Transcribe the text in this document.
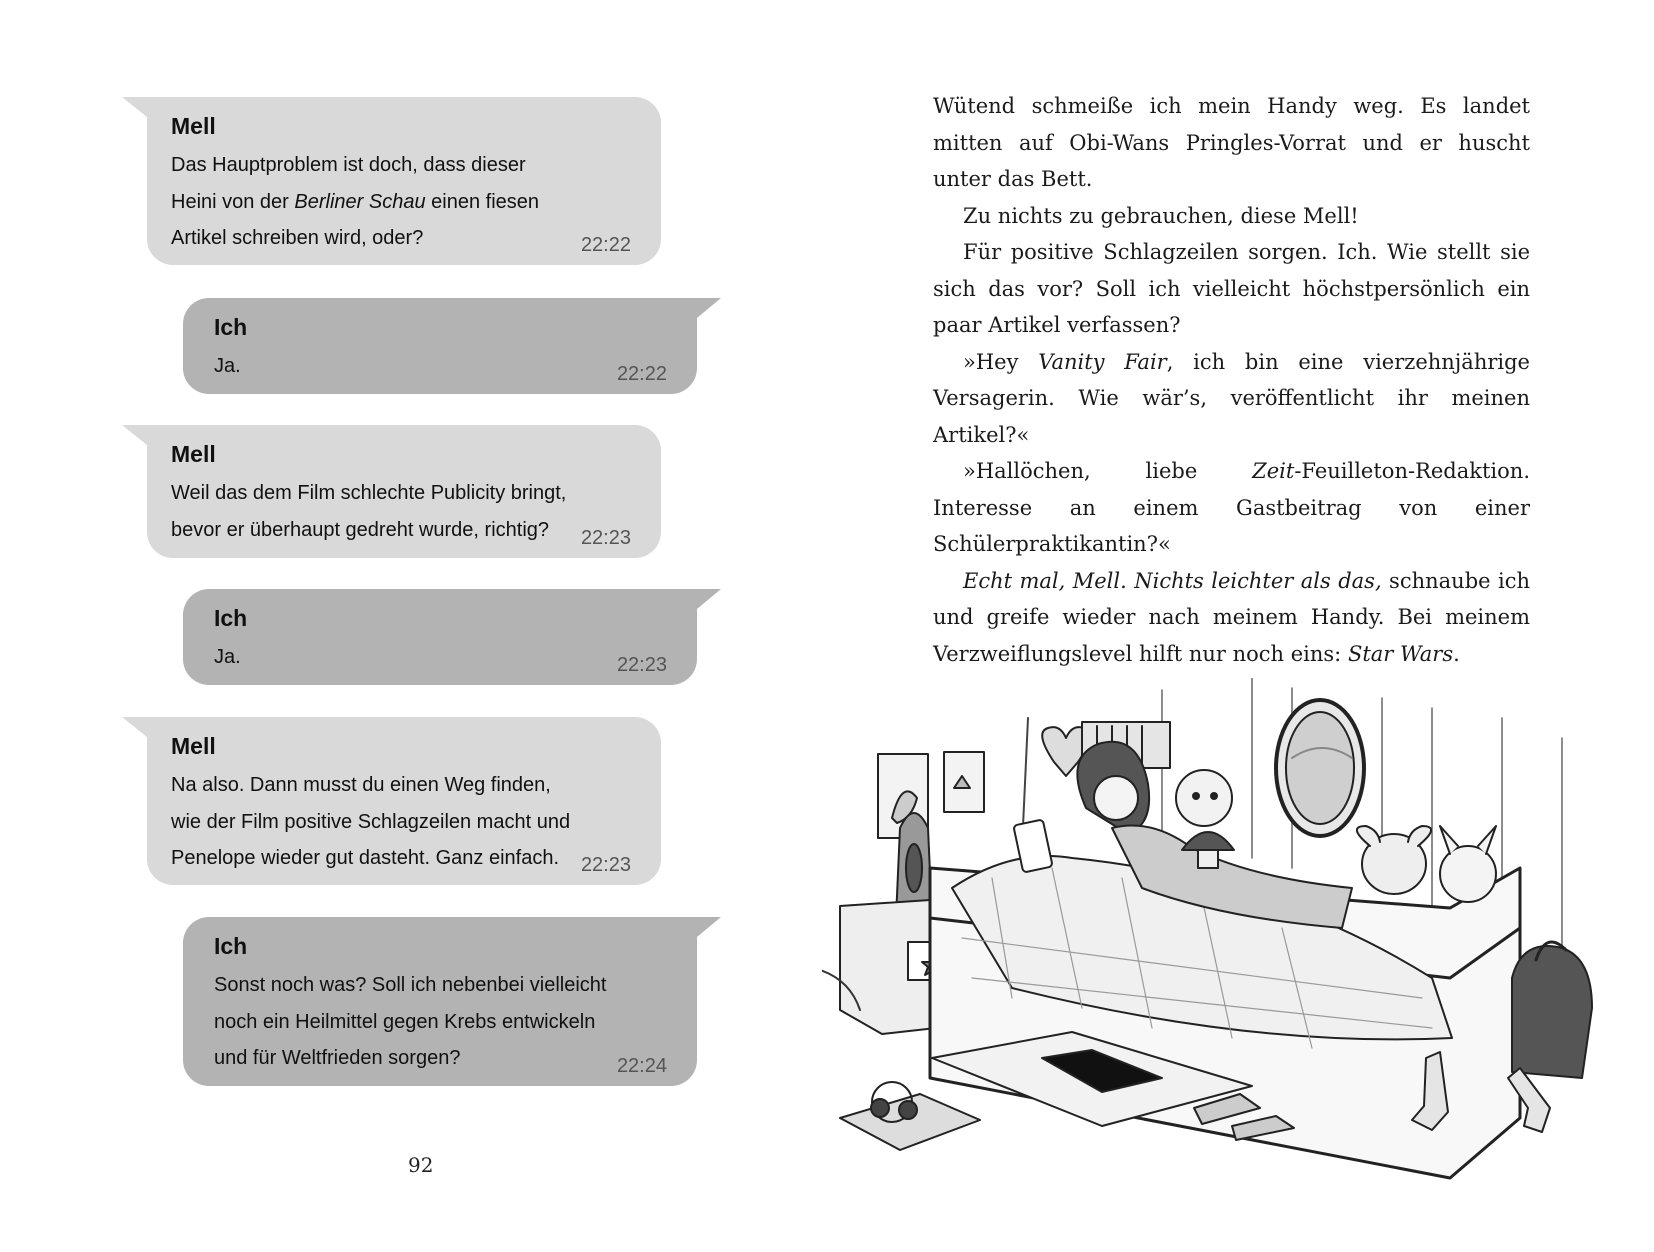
Mell
Das Hauptproblem ist doch, dass dieser Heini von der Berliner Schau einen fiesen Artikel schreiben wird, oder?	22:22
Ich
Ja.	22:22
Mell
Weil das dem Film schlechte Publicity bringt, bevor er überhaupt gedreht wurde, richtig?	22:23
Ich
Ja.	22:23
Mell
Na also. Dann musst du einen Weg finden, wie der Film positive Schlagzeilen macht und Penelope wieder gut dasteht. Ganz einfach.	22:23
Ich
Sonst noch was? Soll ich nebenbei vielleicht noch ein Heilmittel gegen Krebs entwickeln und für Weltfrieden sorgen?	22:24
92

Wütend schmeiße ich mein Handy weg. Es landet mitten auf Obi-Wans Pringles-Vorrat und er huscht unter das Bett.

Zu nichts zu gebrauchen, diese Mell!

Für positive Schlagzeilen sorgen. Ich. Wie stellt sie sich das vor? Soll ich vielleicht höchstpersönlich ein paar Artikel verfassen?

»Hey Vanity Fair, ich bin eine vierzehnjährige Versagerin. Wie wär’s, veröffentlicht ihr meinen Artikel?«

»Hallöchen, liebe Zeit-Feuilleton-Redaktion. Interesse an einem Gastbeitrag von einer Schülerpraktikantin?«

Echt mal, Mell. Nichts leichter als das, schnaube ich und greife wieder nach meinem Handy. Bei meinem Verzweiflungslevel hilft nur noch eins: Star Wars.
